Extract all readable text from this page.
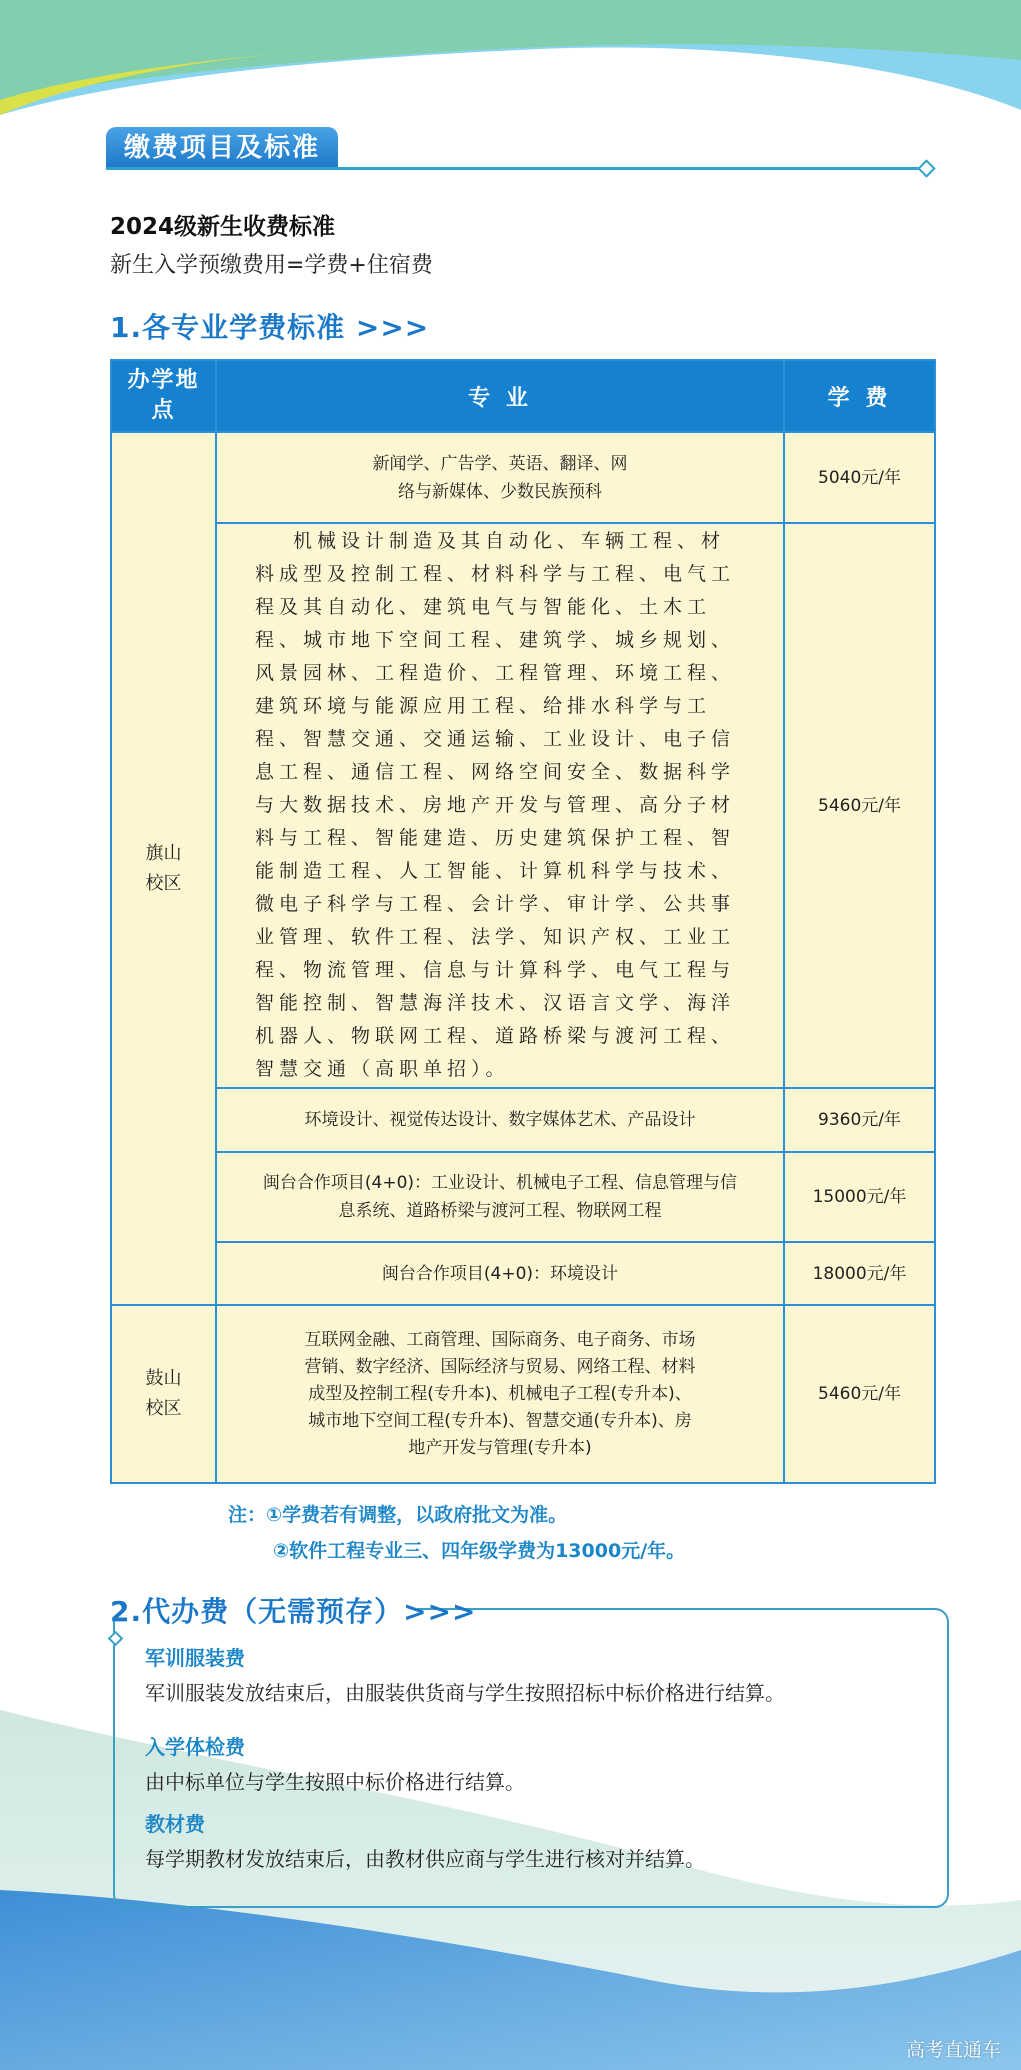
缴费项目及标准
2024级新生收费标准
新生入学预缴费用=学费+住宿费
1.各专业学费标准 >>>
办学地点	专 业	学 费

旗山校区	新闻学、广告学、英语、翻译、网络与新媒体、少数民族预科	5040元/年

	机械设计制造及其自动化、车辆工程、材料成型及控制工程、材料科学与工程、电气工程及其自动化、建筑电气与智能化、土木工程、城市地下空间工程、建筑学、城乡规划、风景园林、工程造价、工程管理、环境工程、建筑环境与能源应用工程、给排水科学与工程、智慧交通、交通运输、工业设计、电子信息工程、通信工程、网络空间安全、数据科学与大数据技术、房地产开发与管理、高分子材料与工程、智能建造、历史建筑保护工程、智能制造工程、人工智能、计算机科学与技术、微电子科学与工程、会计学、审计学、公共事业管理、软件工程、法学、知识产权、工业工程、物流管理、信息与计算科学、电气工程与智能控制、智慧海洋技术、汉语言文学、海洋机器人、物联网工程、道路桥梁与渡河工程、智慧交通（高职单招）。	5460元/年
	环境设计、视觉传达设计、数字媒体艺术、产品设计	9360元/年

	闽台合作项目(4+0)：工业设计、机械电子工程、信息管理与信息系统、道路桥梁与渡河工程、物联网工程	15000元/年
	闽台合作项目(4+0)：环境设计	18000元/年

鼓山校区	互联网金融、工商管理、国际商务、电子商务、市场营销、数字经济、国际经济与贸易、网络工程、材料成型及控制工程(专升本)、机械电子工程(专升本)、城市地下空间工程(专升本)、智慧交通(专升本)、房地产开发与管理(专升本)	5460元/年
注：①学费若有调整，以政府批文为准。
②软件工程专业三、四年级学费为13000元/年。
2.代办费（无需预存）>>>
军训服装费
军训服装发放结束后，由服装供货商与学生按照招标中标价格进行结算。
入学体检费
由中标单位与学生按照中标价格进行结算。
教材费
每学期教材发放结束后，由教材供应商与学生进行核对并结算。
高考直通车
